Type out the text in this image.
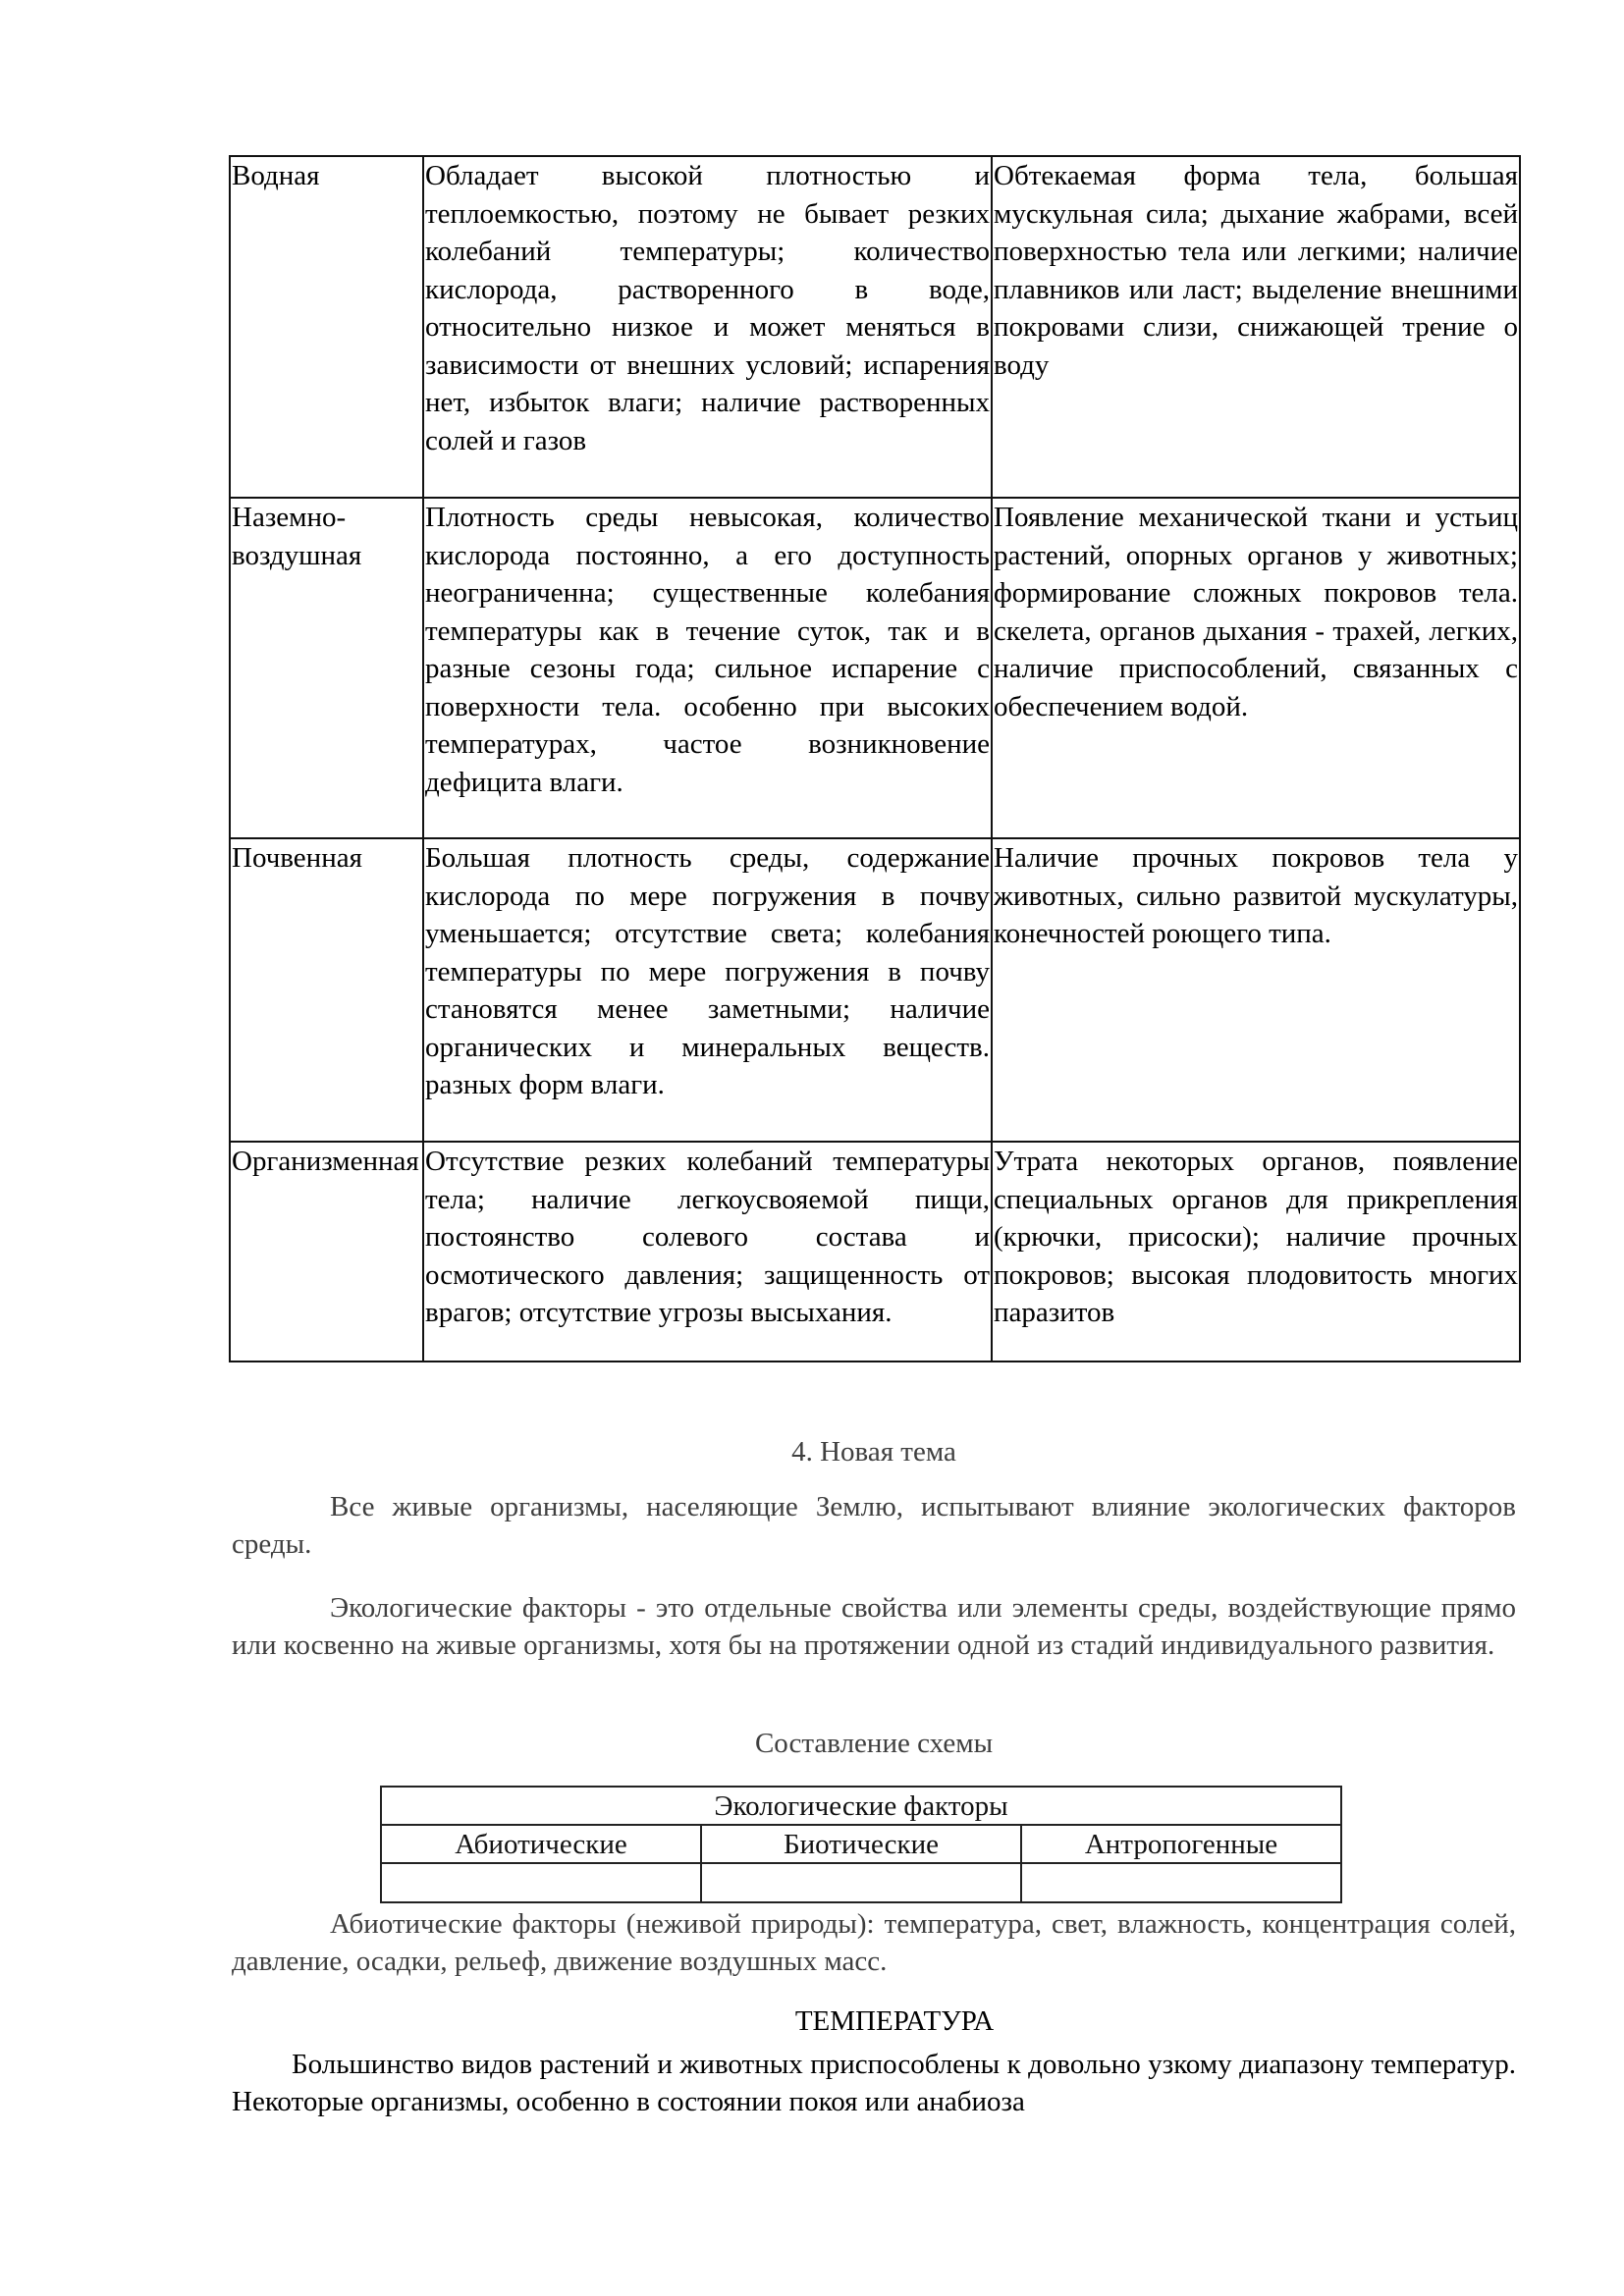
Водная	Обладает высокой плотностью и теплоемкостью, поэтому не бывает резких колебаний температуры; количество кислорода, растворенного в воде, относительно низкое и может меняться в зависимости от внешних условий; испарения нет, избыток влаги; наличие растворенных солей и газов	Обтекаемая форма тела, большая мускульная сила; дыхание жабрами, всей поверхностью тела или легкими; наличие плавников или ласт; выделение внешними покровами слизи, снижающей трение о воду
Наземно-воздушная	Плотность среды невысокая, количество кислорода постоянно, а его доступность неограниченна; существенные колебания температуры как в течение суток, так и в разные сезоны года; сильное испарение с поверхности тела. особенно при высоких температурах, частое возникновение дефицита влаги.	Появление механической ткани и устьиц растений, опорных органов у животных; формирование сложных покровов тела. скелета, органов дыхания - трахей, легких, наличие приспособлений, связанных с обеспечением водой.
Почвенная	Большая плотность среды, содержание кислорода по мере погружения в почву уменьшается; отсутствие света; колебания температуры по мере погружения в почву становятся менее заметными; наличие органических и минеральных веществ. разных форм влаги.	Наличие прочных покровов тела у животных, сильно развитой мускулатуры, конечностей роющего типа.
Организменная	Отсутствие резких колебаний температуры тела; наличие легкоусвояемой пищи, постоянство солевого состава и осмотического давления; защищенность от врагов; отсутствие угрозы высыхания.	Утрата некоторых органов, появление специальных органов для прикрепления (крючки, присоски); наличие прочных покровов; высокая плодовитость многих паразитов
4. Новая тема

Все живые организмы, населяющие Землю, испытывают влияние экологических факторов среды.

Экологические факторы - это отдельные свойства или элементы среды, воздействующие прямо или косвенно на живые организмы, хотя бы на протяжении одной из стадий индивидуального развития.

Составление схемы
Экологические факторы		
Абиотические	Биотические	Антропогенные

Абиотические факторы (неживой природы): температура, свет, влажность, концентрация солей, давление, осадки, рельеф, движение воздушных масс.

ТЕМПЕРАТУРА

Большинство видов растений и животных приспособлены к довольно узкому диапазону температур. Некоторые организмы, особенно в состоянии покоя или анабиоза
